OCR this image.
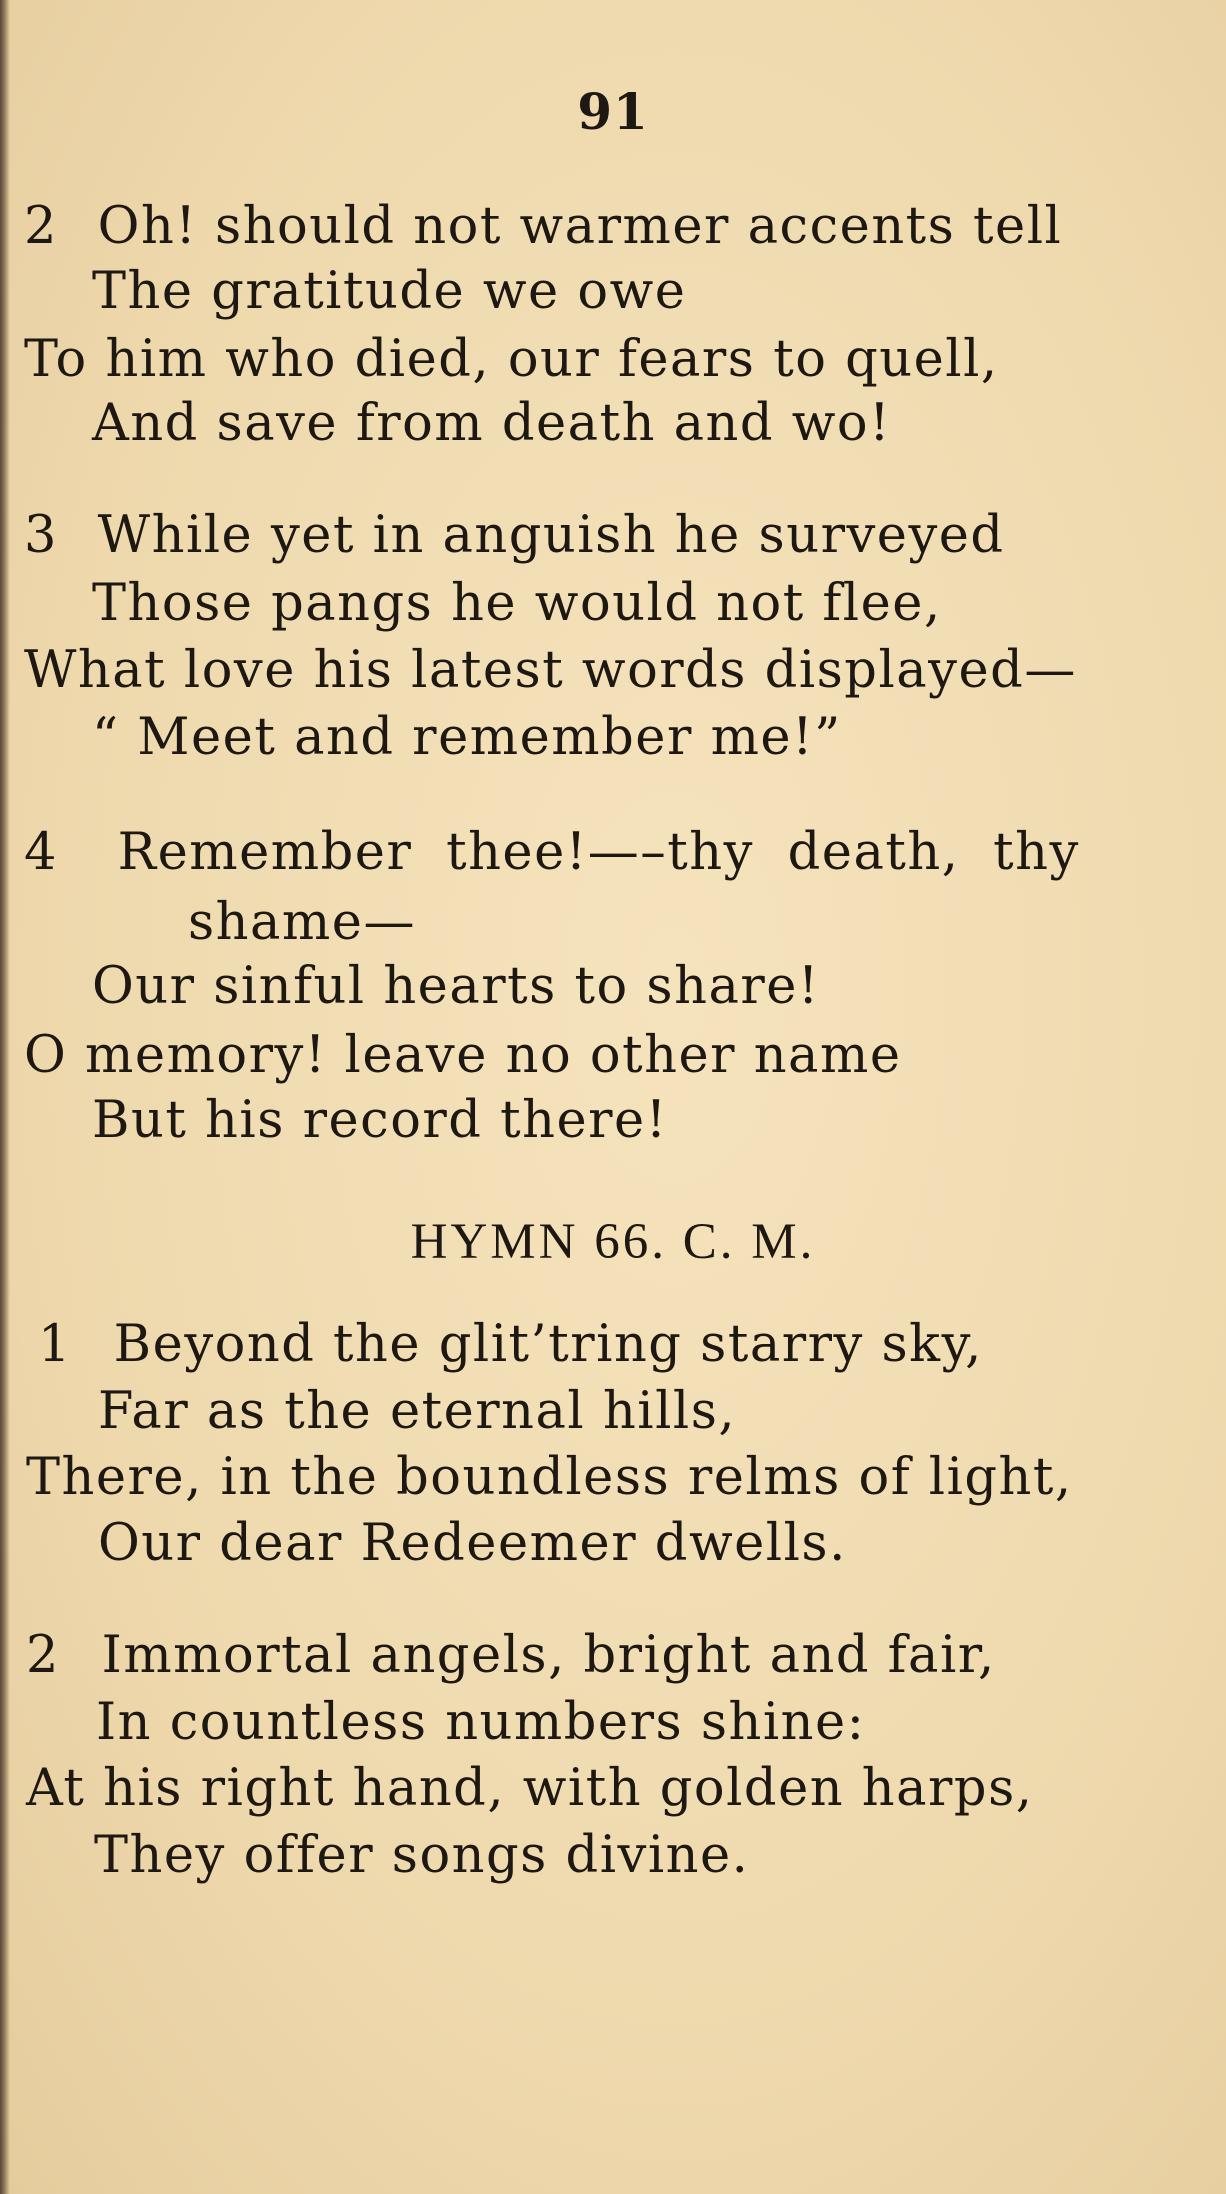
91
2 Oh! should not warmer accents tell
The gratitude we owe
To him who died, our fears to quell,
And save from death and wo!
3 While yet in anguish he surveyed
Those pangs he would not flee,
What love his latest words displayed—
“ Meet and remember me!”
4 Remember thee!—–thy death, thy
shame—
Our sinful hearts to share!
O memory! leave no other name
But his record there!
HYMN 66. C. M.
1 Beyond the glit’tring starry sky,
Far as the eternal hills,
There, in the boundless relms of light,
Our dear Redeemer dwells.
2 Immortal angels, bright and fair,
In countless numbers shine:
At his right hand, with golden harps,
They offer songs divine.
